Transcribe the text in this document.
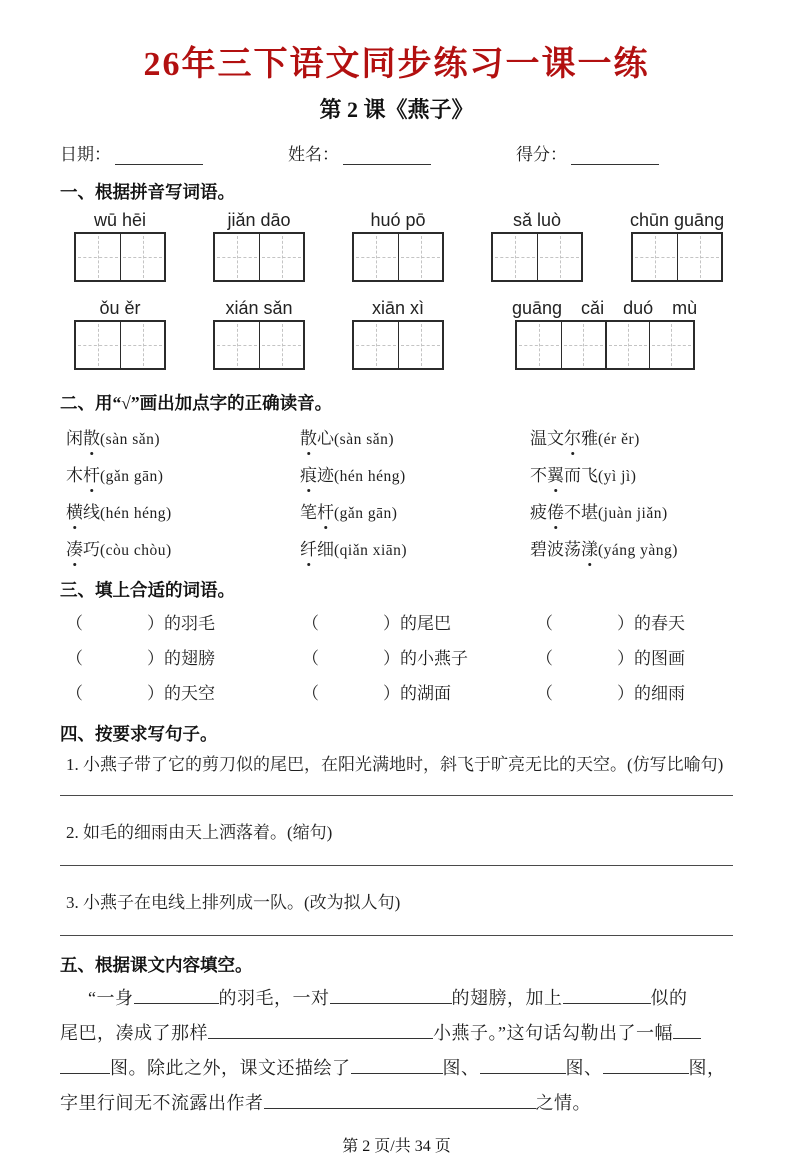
26年三下语文同步练习一课一练
第 2 课《燕子》
日期：	姓名：	得分：
一、根据拼音写词语。
wū hēi	jiǎn dāo	huó pō	sǎ luò	chūn guāng
ǒu ěr	xián sǎn	xiān xì	guāng cǎi duó mù
二、用“√”画出加点字的正确读音。
闲散(sàn sǎn)	散心(sàn sǎn)	温文尔雅(ér ěr)
木杆(gǎn gān)	痕迹(hén héng)	不翼而飞(yì jì)
横线(hén héng)	笔杆(gǎn gān)	疲倦不堪(juàn jiǎn)
凑巧(còu chòu)	纤细(qiǎn xiān)	碧波荡漾(yáng yàng)
三、填上合适的词语。
（	）的羽毛	（	）的尾巴	（	）的春天
（	）的翅膀	（	）的小燕子	（	）的图画
（	）的天空	（	）的湖面	（	）的细雨
四、按要求写句子。

1. 小燕子带了它的剪刀似的尾巴，在阳光满地时，斜飞于旷亮无比的天空。(仿写比喻句)

2. 如毛的细雨由天上洒落着。(缩句)

3. 小燕子在电线上排列成一队。(改为拟人句)

五、根据课文内容填空。
“一身	的羽毛，一对	的翅膀，加上	似的
尾巴，凑成了那样	小燕子。”这句话勾勒出了一幅
图。除此之外，课文还描绘了	图、	图、	图，
字里行间无不流露出作者	之情。
第 2 页/共 34 页
